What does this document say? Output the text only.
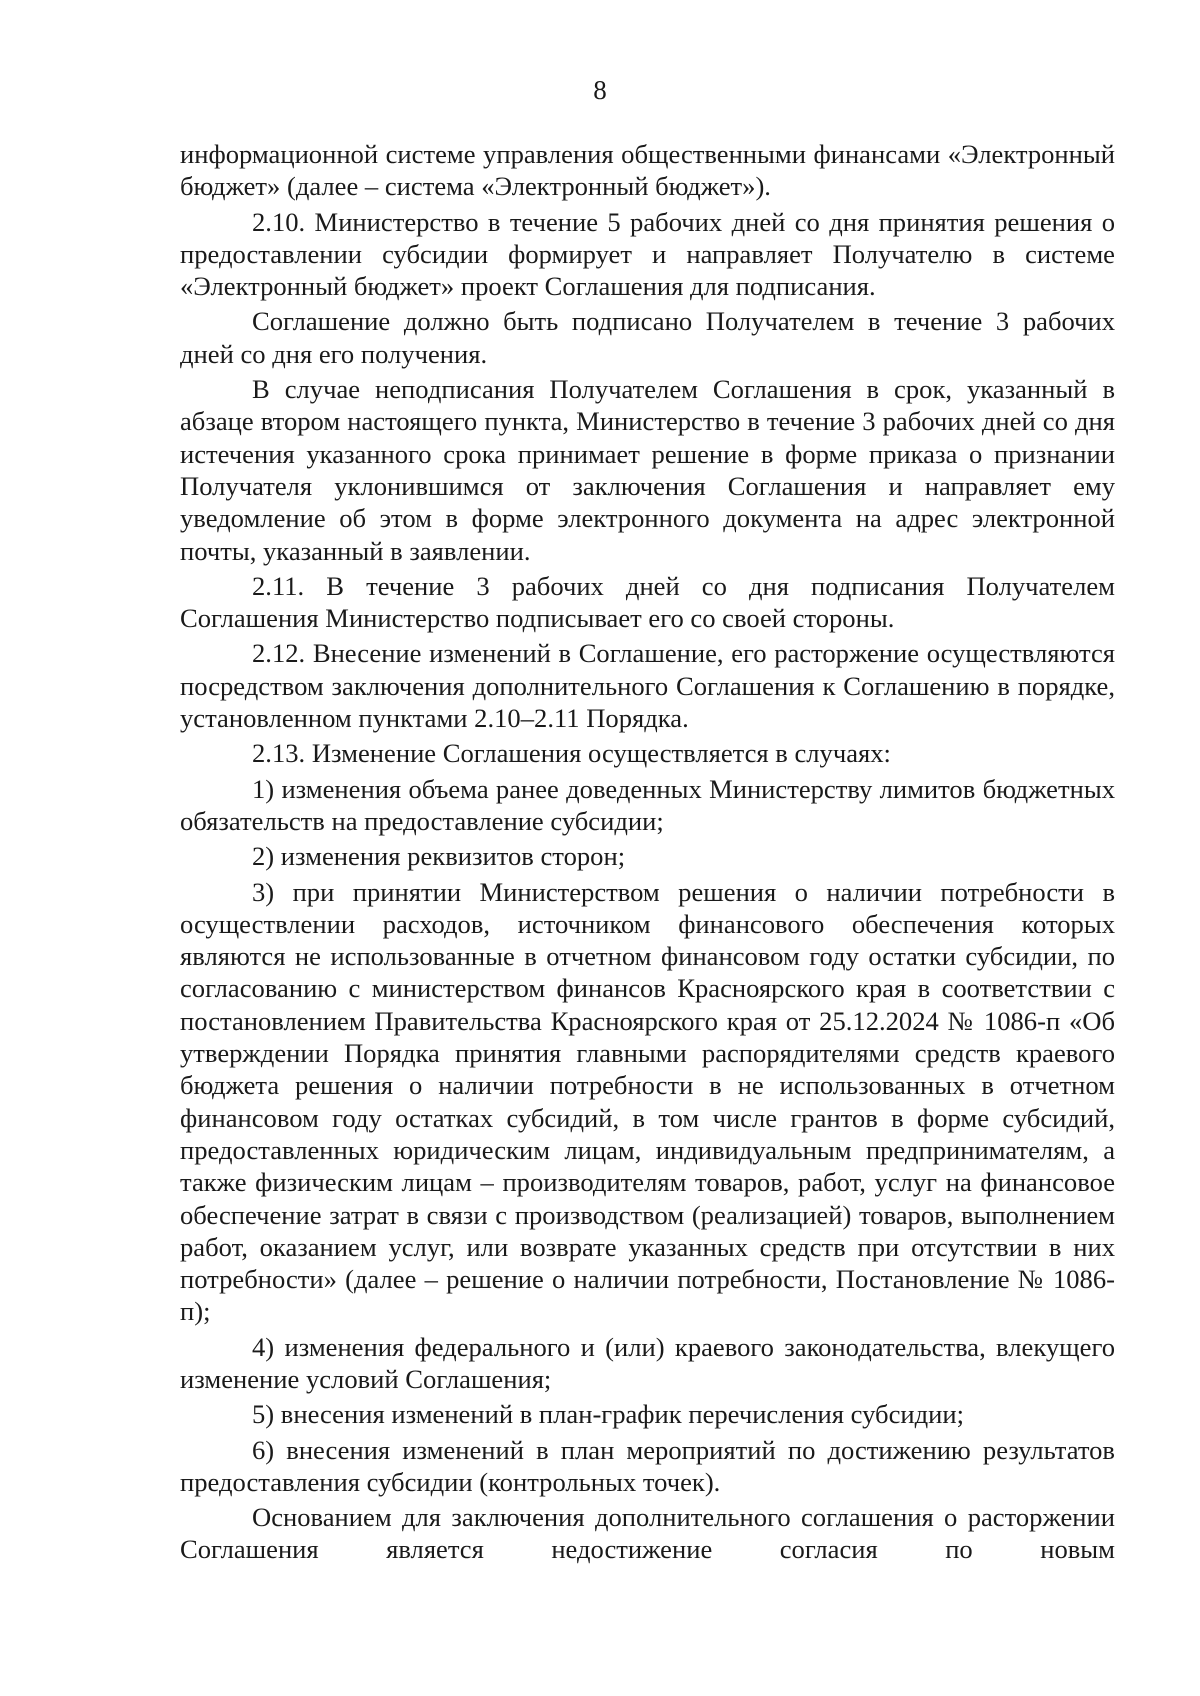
8

информационной системе управления общественными финансами «Электронный бюджет» (далее – система «Электронный бюджет»).

2.10. Министерство в течение 5 рабочих дней со дня принятия решения о предоставлении субсидии формирует и направляет Получателю в системе «Электронный бюджет» проект Соглашения для подписания.

Соглашение должно быть подписано Получателем в течение 3 рабочих дней со дня его получения.

В случае неподписания Получателем Соглашения в срок, указанный в абзаце втором настоящего пункта, Министерство в течение 3 рабочих дней со дня истечения указанного срока принимает решение в форме приказа о признании Получателя уклонившимся от заключения Соглашения и направляет ему уведомление об этом в форме электронного документа на адрес электронной почты, указанный в заявлении.

2.11. В течение 3 рабочих дней со дня подписания Получателем Соглашения Министерство подписывает его со своей стороны.

2.12. Внесение изменений в Соглашение, его расторжение осуществляются посредством заключения дополнительного Соглашения к Соглашению в порядке, установленном пунктами 2.10–2.11 Порядка.

2.13. Изменение Соглашения осуществляется в случаях:

1) изменения объема ранее доведенных Министерству лимитов бюджетных обязательств на предоставление субсидии;

2) изменения реквизитов сторон;

3) при принятии Министерством решения о наличии потребности в осуществлении расходов, источником финансового обеспечения которых являются не использованные в отчетном финансовом году остатки субсидии, по согласованию с министерством финансов Красноярского края в соответствии с постановлением Правительства Красноярского края от 25.12.2024 № 1086-п «Об утверждении Порядка принятия главными распорядителями средств краевого бюджета решения о наличии потребности в не использованных в отчетном финансовом году остатках субсидий, в том числе грантов в форме субсидий, предоставленных юридическим лицам, индивидуальным предпринимателям, а также физическим лицам – производителям товаров, работ, услуг на финансовое обеспечение затрат в связи с производством (реализацией) товаров, выполнением работ, оказанием услуг, или возврате указанных средств при отсутствии в них потребности» (далее – решение о наличии потребности, Постановление № 1086-п);

4) изменения федерального и (или) краевого законодательства, влекущего изменение условий Соглашения;

5) внесения изменений в план-график перечисления субсидии;

6) внесения изменений в план мероприятий по достижению результатов предоставления субсидии (контрольных точек).

Основанием для заключения дополнительного соглашения о расторжении Соглашения является недостижение согласия по новым
